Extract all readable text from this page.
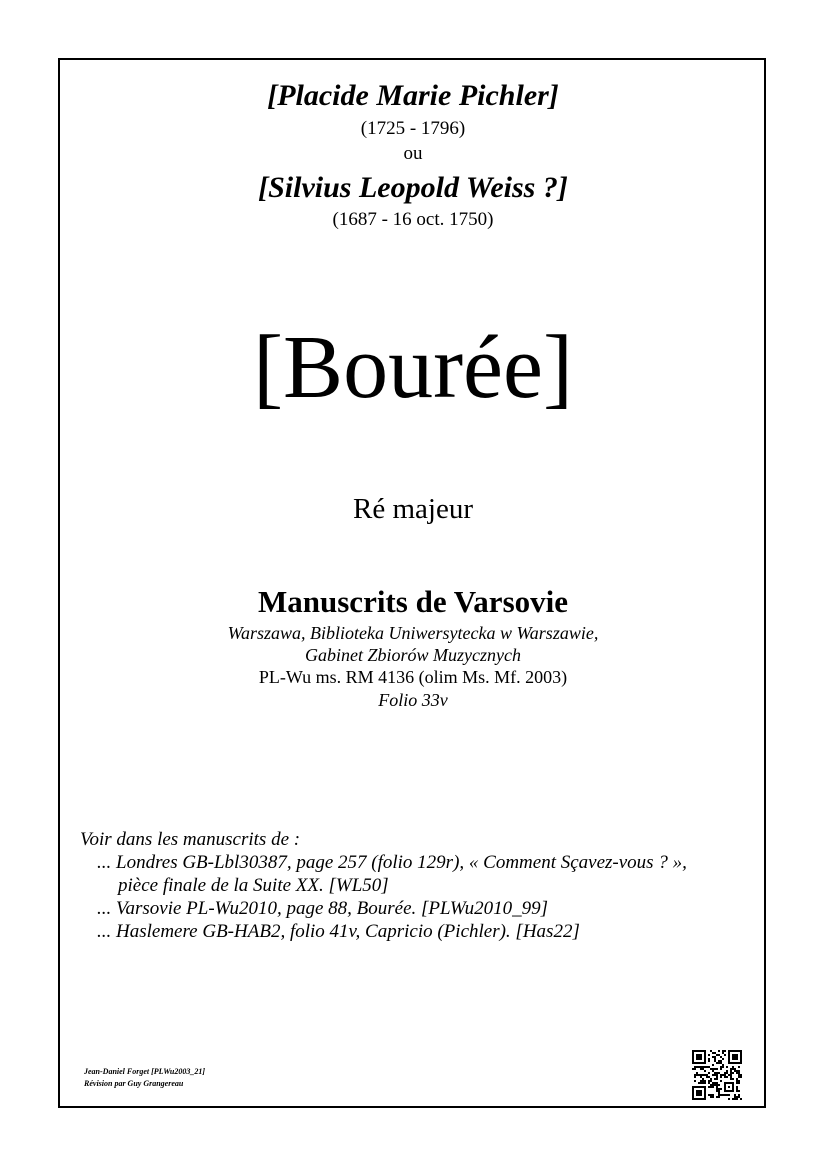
[Placide Marie Pichler]
(1725 - 1796)
ou
[Silvius Leopold Weiss ?]
(1687 - 16 oct. 1750)
[Bourée]
Ré majeur
Manuscrits de Varsovie
Warszawa, Biblioteka Uniwersytecka w Warszawie,
Gabinet Zbiorów Muzycznych
PL-Wu ms. RM 4136 (olim Ms. Mf. 2003)
Folio 33v
Voir dans les manuscrits de :
... Londres GB-Lbl30387, page 257 (folio 129r), « Comment Sçavez-vous ? »,
pièce finale de la Suite XX. [WL50]
... Varsovie PL-Wu2010, page 88, Bourée. [PLWu2010_99]
... Haslemere GB-HAB2, folio 41v, Capricio (Pichler). [Has22]
Jean-Daniel Forget [PLWu2003_21]
Révision par Guy Grangereau
